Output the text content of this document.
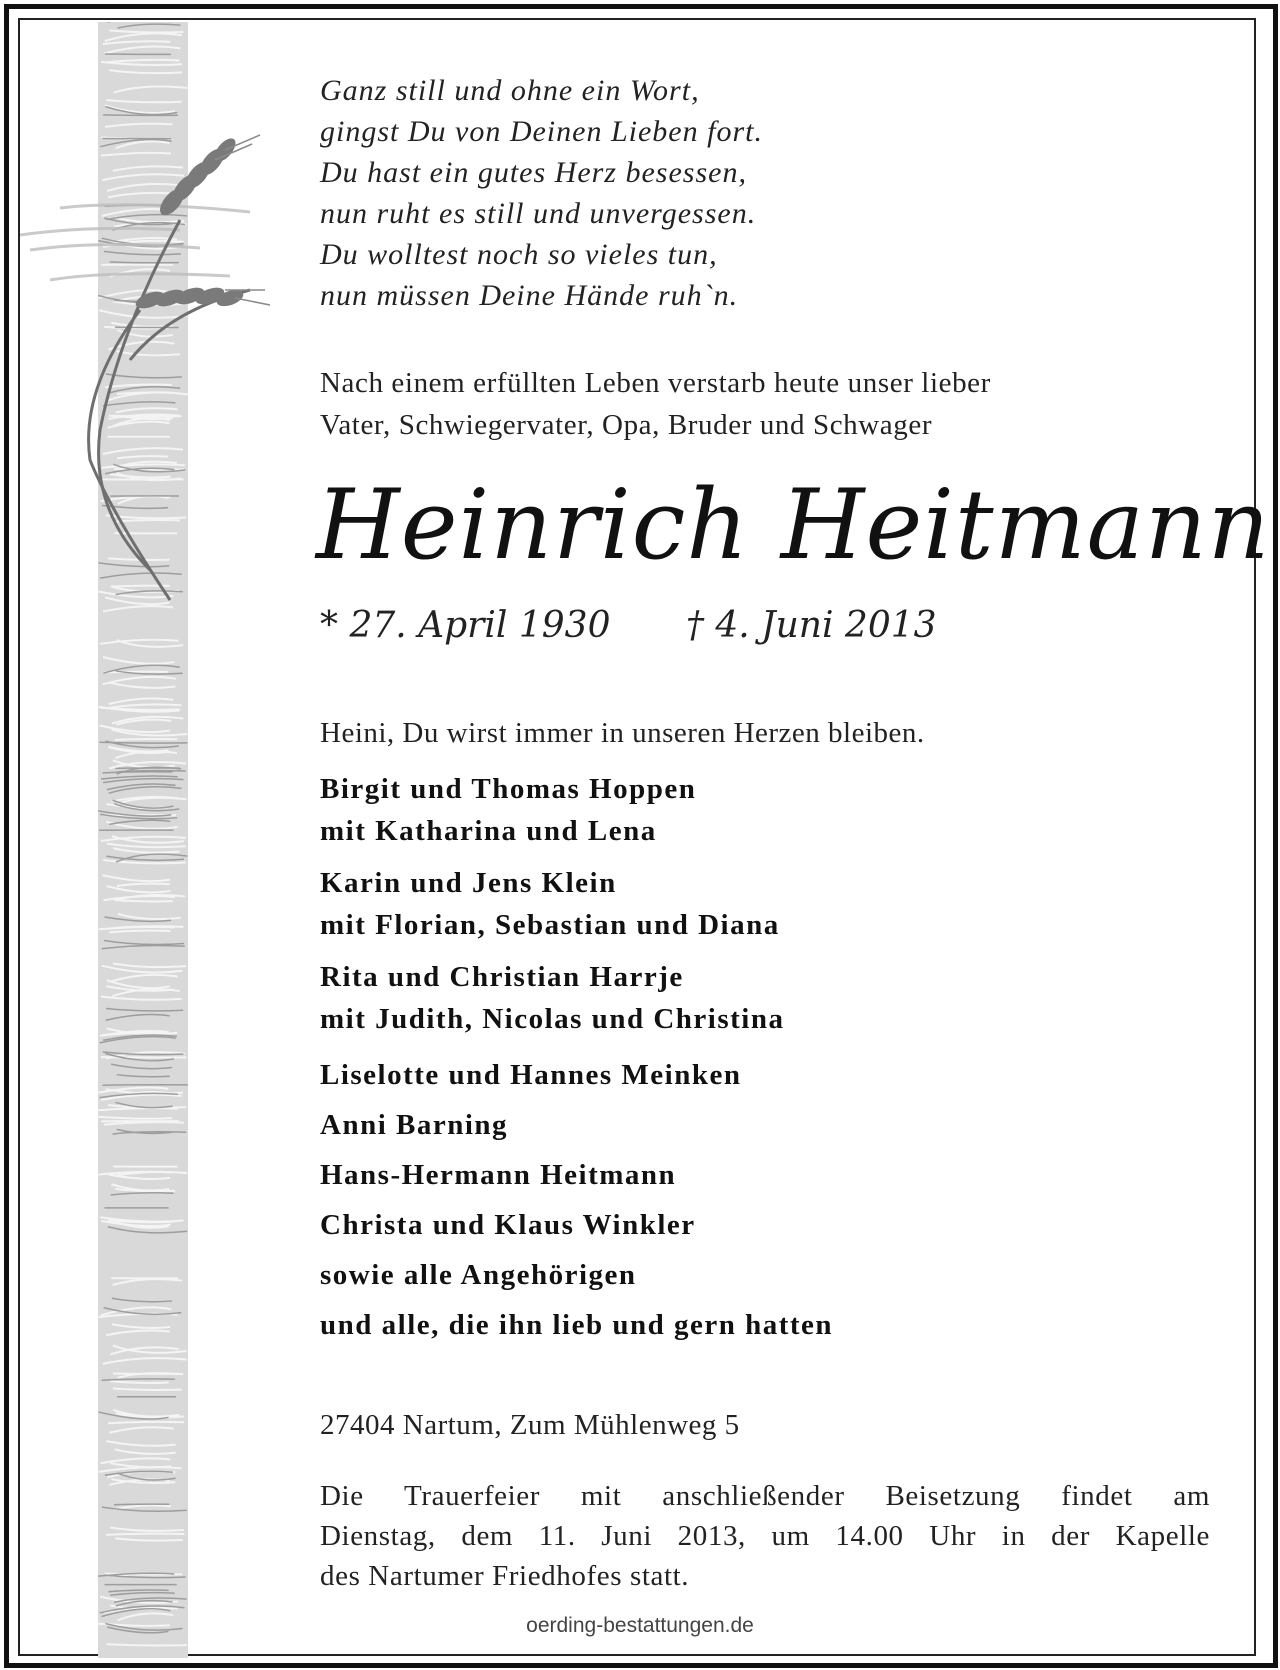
Ganz still und ohne ein Wort,
gingst Du von Deinen Lieben fort.
Du hast ein gutes Herz besessen,
nun ruht es still und unvergessen.
Du wolltest noch so vieles tun,
nun müssen Deine Hände ruh`n.
Nach einem erfüllten Leben verstarb heute unser lieber
Vater, Schwiegervater, Opa, Bruder und Schwager
Heinrich Heitmann
* 27. April 1930 † 4. Juni 2013
Heini, Du wirst immer in unseren Herzen bleiben.
Birgit und Thomas Hoppen
mit Katharina und Lena
Karin und Jens Klein
mit Florian, Sebastian und Diana
Rita und Christian Harrje
mit Judith, Nicolas und Christina
Liselotte und Hannes Meinken
Anni Barning
Hans-Hermann Heitmann
Christa und Klaus Winkler
sowie alle Angehörigen
und alle, die ihn lieb und gern hatten
27404 Nartum, Zum Mühlenweg 5
Die Trauerfeier mit anschließender Beisetzung findet am
Dienstag, dem 11. Juni 2013, um 14.00 Uhr in der Kapelle
des Nartumer Friedhofes statt.
oerding-bestattungen.de
